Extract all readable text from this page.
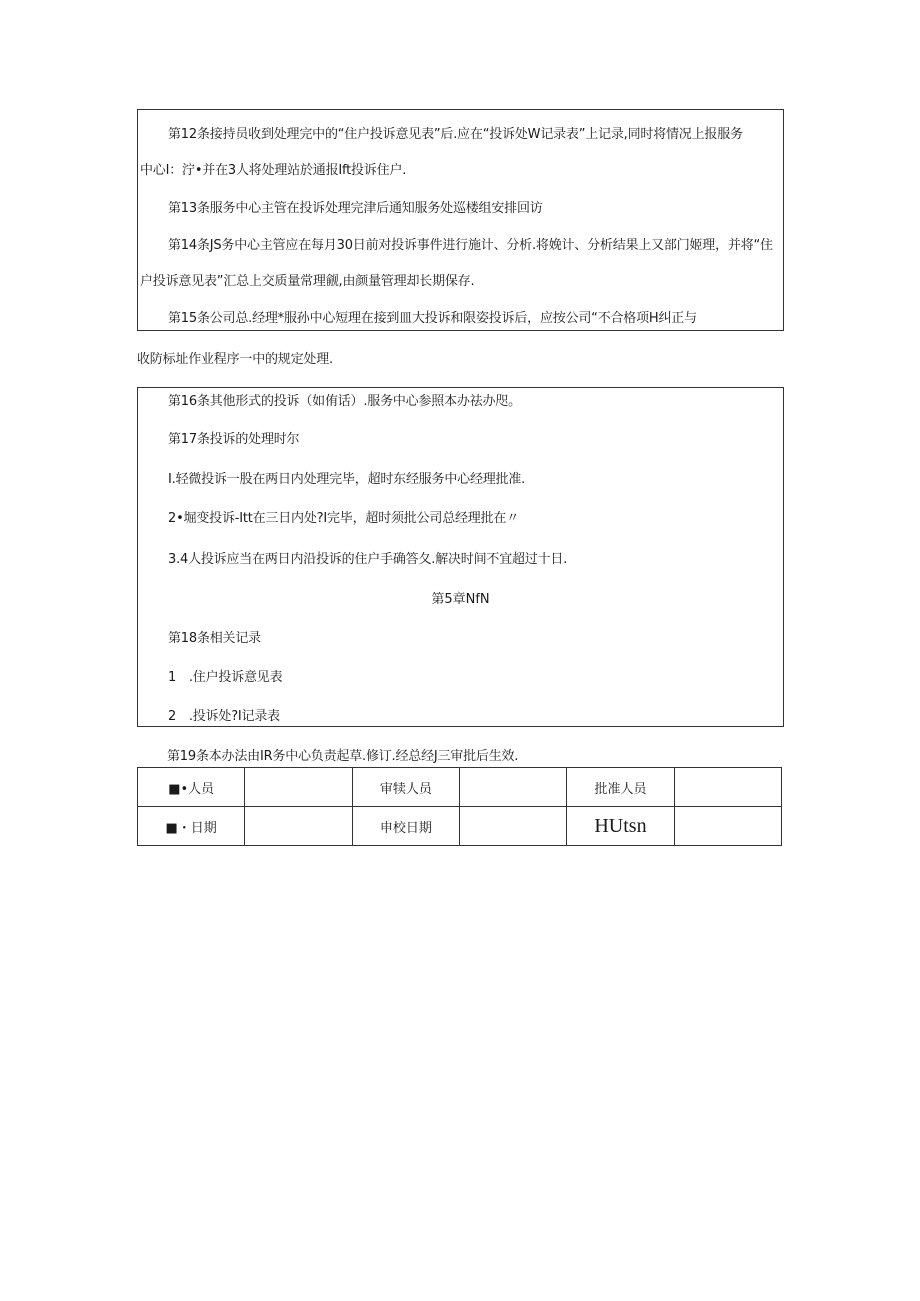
第12条接持员收到处理完中的“住户投诉意见表”后.应在“投诉处W记录表”上记录,同时将情况上报服务
中心I：泞•并在3人将处理站於通报Ift投诉住户.
第13条服务中心主管在投诉处理完津后通知服务处巡楼组安排回访
第14条JS务中心主管应在每月30日前对投诉事件进行施计、分析.将娩计、分析结果上又部门姬理，并将“住
户投诉意见表”汇总上交质量常理觎,由颜量管理却长期保存.
第15条公司总.经理*服孙中心短理在接到皿大投诉和限姿投诉后，应按公司“不合格项H纠正与
收防标址作业程序一中的规定处理.
第16条其他形式的投诉（如侑话）.服务中心参照本办祛办咫。
第17条投诉的处理时尔
I.轻微投诉一股在两日内处理完毕，超时东经服务中心经理批准.
2•堀变投诉-Itt在三日内处?I完毕，超时须批公司总经理批在〃
3.4人投诉应当在两日内沿投诉的住户手确答夂.解决时间不宜超过十日.
第5章NfN
第18条相关记录
1　.住户投诉意见表
2　.投诉处?I记录表
第19条本办法由IR务中心负责起草.修订.经总经J三审批后生效.
■•人员		审犊人员		批准人员	
■・日期		申校日期		HUtsn	
